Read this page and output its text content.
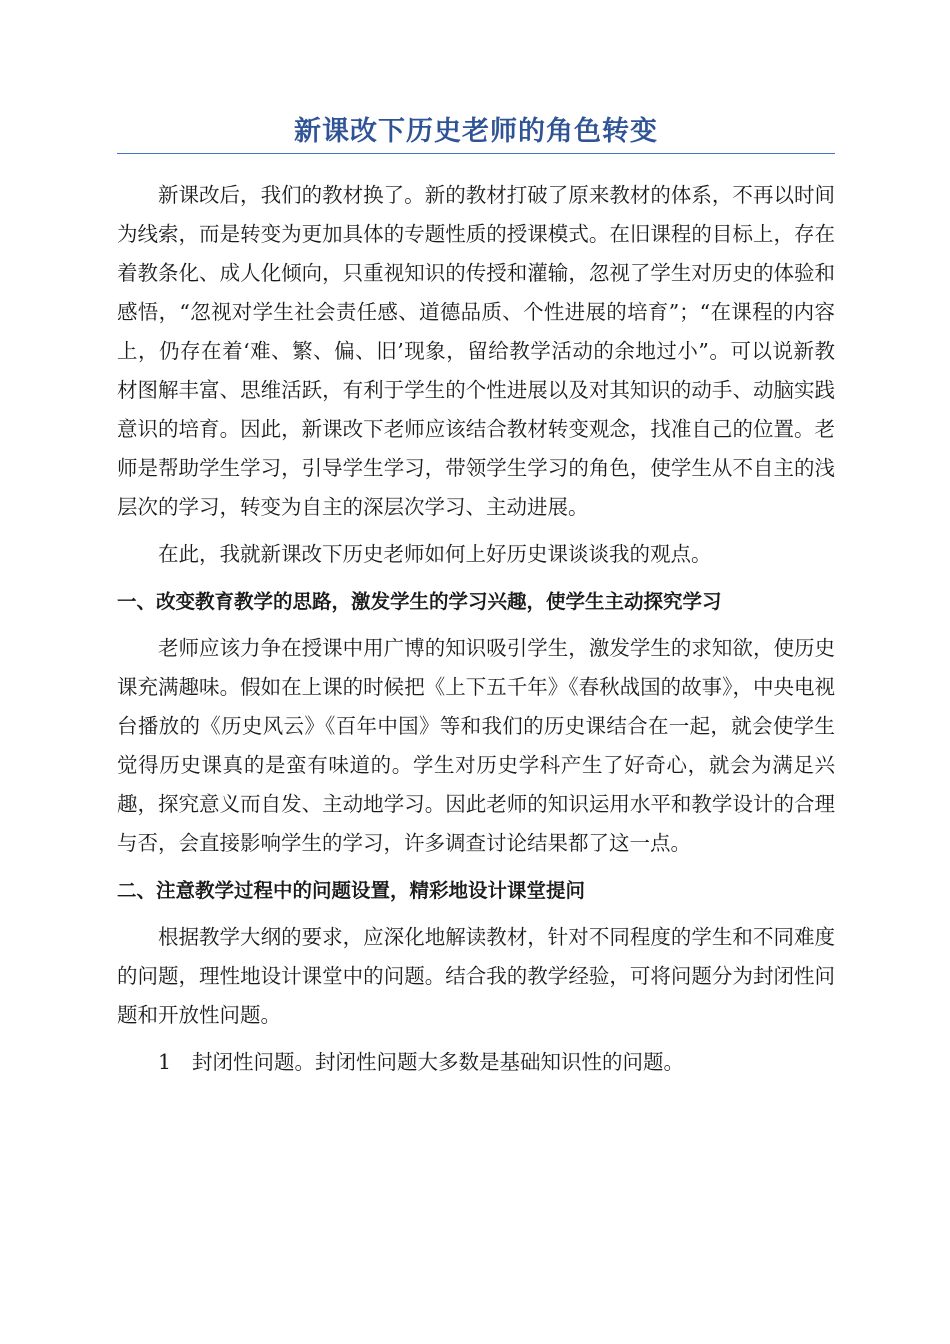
新课改下历史老师的角色转变

新课改后，我们的教材换了。新的教材打破了原来教材的体系，不再以时间为线索，而是转变为更加具体的专题性质的授课模式。在旧课程的目标上，存在着教条化、成人化倾向，只重视知识的传授和灌输，忽视了学生对历史的体验和感悟，“忽视对学生社会责任感、道德品质、个性进展的培育”；“在课程的内容上，仍存在着‘难、繁、偏、旧’现象，留给教学活动的余地过小”。可以说新教材图解丰富、思维活跃，有利于学生的个性进展以及对其知识的动手、动脑实践意识的培育。因此，新课改下老师应该结合教材转变观念，找准自己的位置。老师是帮助学生学习，引导学生学习，带领学生学习的角色，使学生从不自主的浅层次的学习，转变为自主的深层次学习、主动进展。

在此，我就新课改下历史老师如何上好历史课谈谈我的观点。

一、改变教育教学的思路，激发学生的学习兴趣，使学生主动探究学习

老师应该力争在授课中用广博的知识吸引学生，激发学生的求知欲，使历史课充满趣味。假如在上课的时候把《上下五千年》《春秋战国的故事》，中央电视台播放的《历史风云》《百年中国》等和我们的历史课结合在一起，就会使学生觉得历史课真的是蛮有味道的。学生对历史学科产生了好奇心，就会为满足兴趣，探究意义而自发、主动地学习。因此老师的知识运用水平和教学设计的合理与否，会直接影响学生的学习，许多调查讨论结果都了这一点。

二、注意教学过程中的问题设置，精彩地设计课堂提问

根据教学大纲的要求，应深化地解读教材，针对不同程度的学生和不同难度的问题，理性地设计课堂中的问题。结合我的教学经验，可将问题分为封闭性问题和开放性问题。

1 封闭性问题。封闭性问题大多数是基础知识性的问题。
